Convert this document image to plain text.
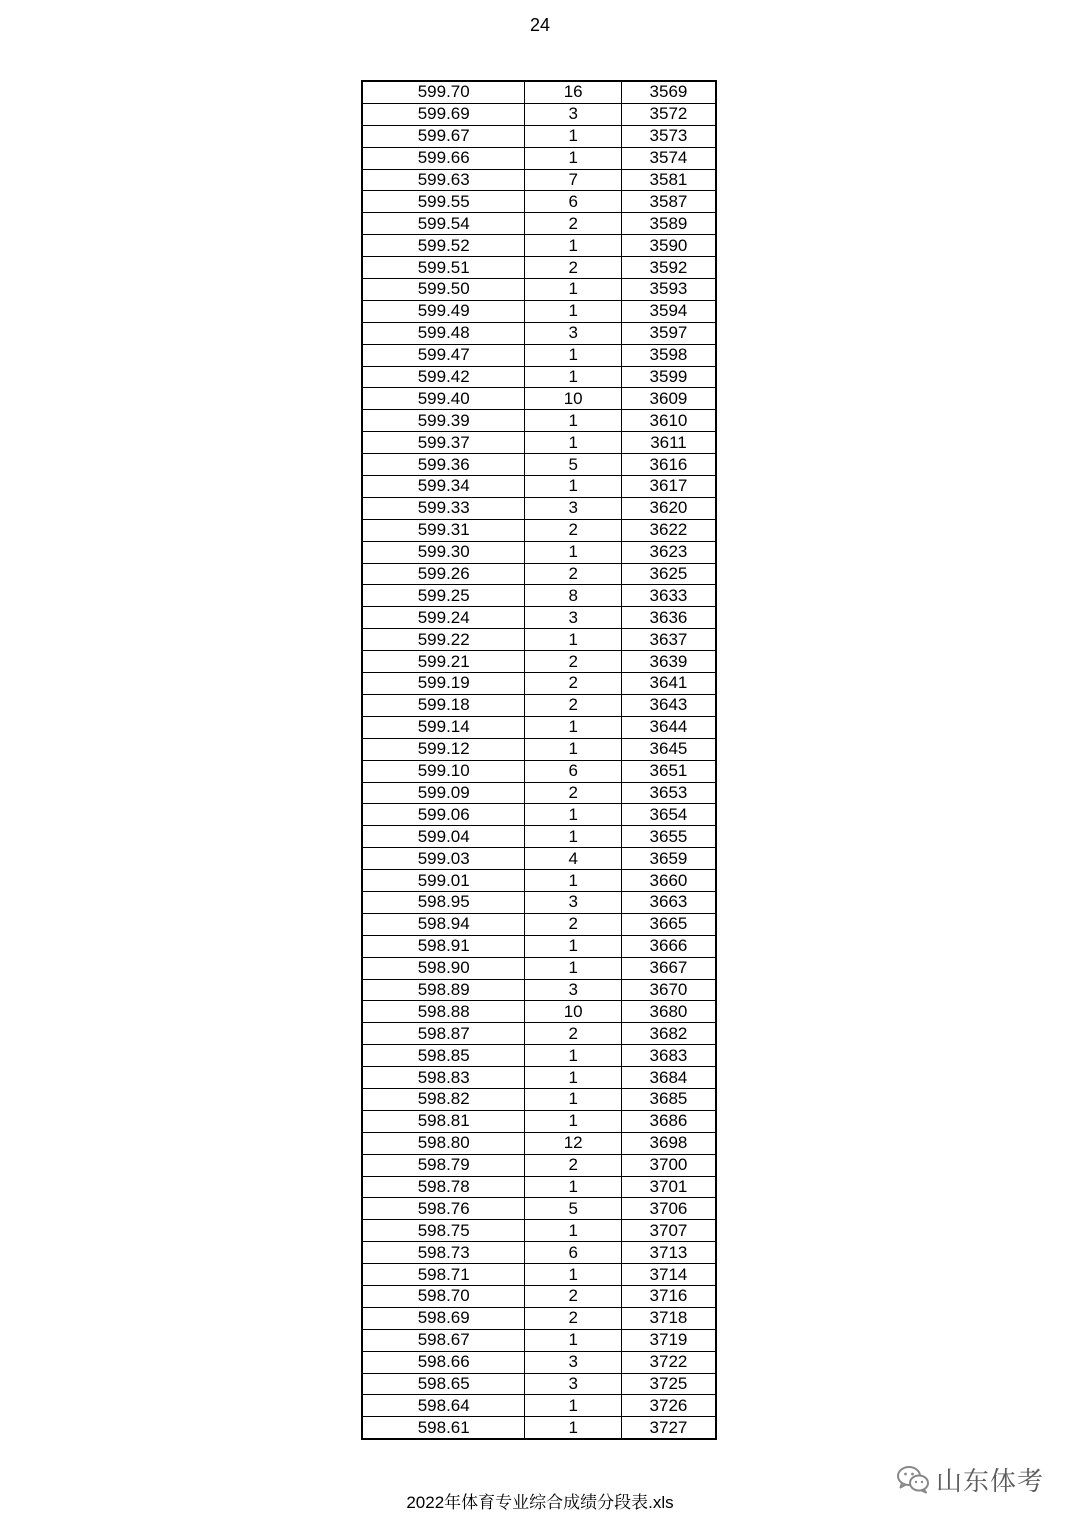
24
599.70	16	3569
599.69	3	3572
599.67	1	3573
599.66	1	3574
599.63	7	3581
599.55	6	3587
599.54	2	3589
599.52	1	3590
599.51	2	3592
599.50	1	3593
599.49	1	3594
599.48	3	3597
599.47	1	3598
599.42	1	3599
599.40	10	3609
599.39	1	3610
599.37	1	3611
599.36	5	3616
599.34	1	3617
599.33	3	3620
599.31	2	3622
599.30	1	3623
599.26	2	3625
599.25	8	3633
599.24	3	3636
599.22	1	3637
599.21	2	3639
599.19	2	3641
599.18	2	3643
599.14	1	3644
599.12	1	3645
599.10	6	3651
599.09	2	3653
599.06	1	3654
599.04	1	3655
599.03	4	3659
599.01	1	3660
598.95	3	3663
598.94	2	3665
598.91	1	3666
598.90	1	3667
598.89	3	3670
598.88	10	3680
598.87	2	3682
598.85	1	3683
598.83	1	3684
598.82	1	3685
598.81	1	3686
598.80	12	3698
598.79	2	3700
598.78	1	3701
598.76	5	3706
598.75	1	3707
598.73	6	3713
598.71	1	3714
598.70	2	3716
598.69	2	3718
598.67	1	3719
598.66	3	3722
598.65	3	3725
598.64	1	3726
598.61	1	3727
2022年体育专业综合成绩分段表.xls
山东体考
